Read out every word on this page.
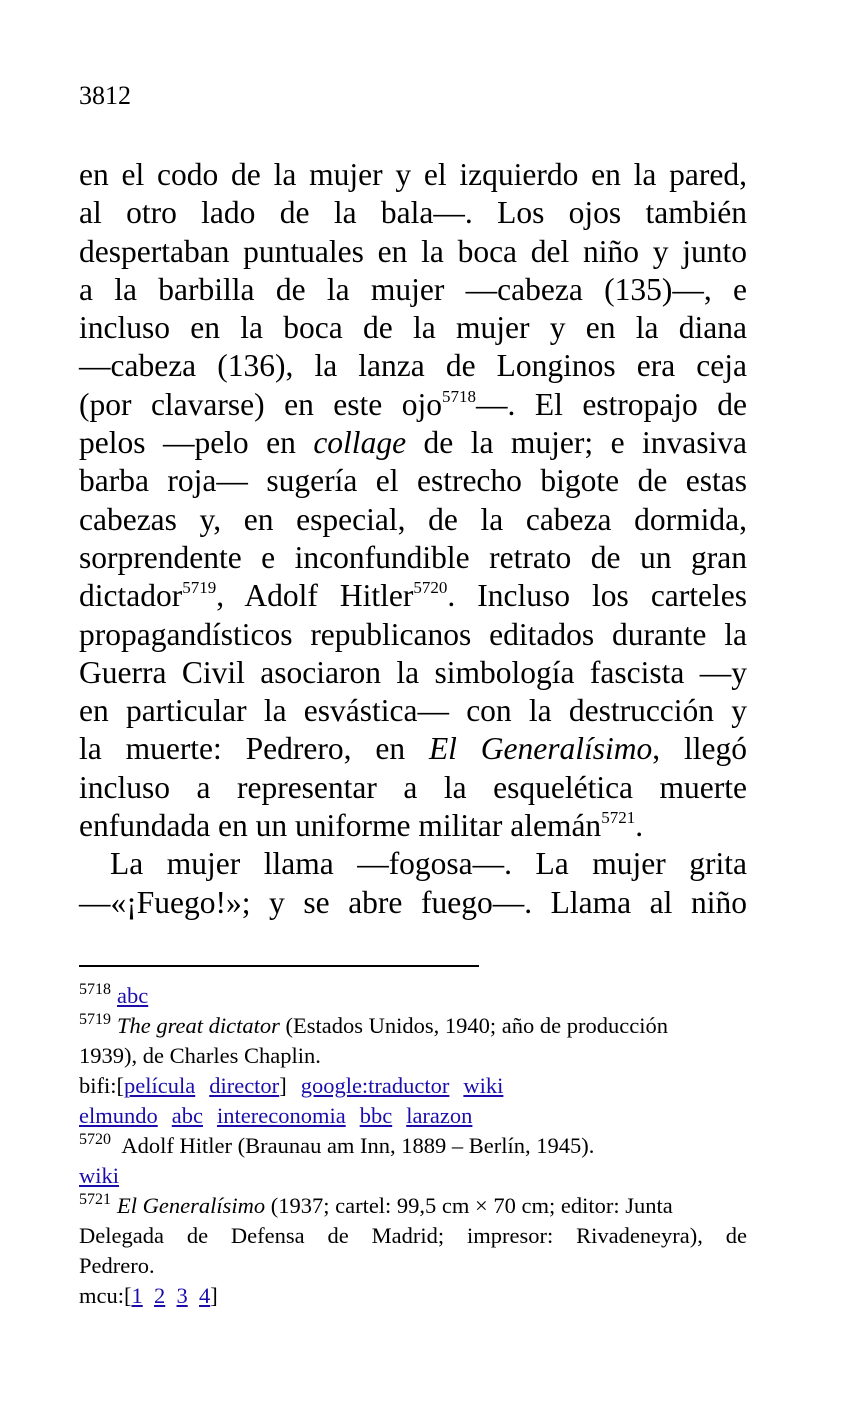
3812
en el codo de la mujer y el izquierdo en la pared,
al otro lado de la bala—. Los ojos también
despertaban puntuales en la boca del niño y junto
a la barbilla de la mujer —cabeza (135)—, e
incluso en la boca de la mujer y en la diana
—cabeza (136), la lanza de Longinos era ceja
(por clavarse) en este ojo$^{5718}$—. El estropajo de
pelos —pelo en collage de la mujer; e invasiva
barba roja— sugería el estrecho bigote de estas
cabezas y, en especial, de la cabeza dormida,
sorprendente e inconfundible retrato de un gran
dictador$^{5719}$, Adolf Hitler$^{5720}$. Incluso los carteles
propagandísticos republicanos editados durante la
Guerra Civil asociaron la simbología fascista —y
en particular la esvástica— con la destrucción y
la muerte: Pedrero, en El Generalísimo, llegó
incluso a representar a la esquelética muerte
enfundada en un uniforme militar alemán$^{5721}$.
La mujer llama —fogosa—. La mujer grita
—«¡Fuego!»; y se abre fuego—. Llama al niño
$^{5718}$ abc
$^{5719}$ The great dictator (Estados Unidos, 1940; año de producción
1939), de Charles Chaplin.
bifi:[película director] google:traductor wiki
elmundo abc intereconomia bbc larazon
$^{5720}$ Adolf Hitler (Braunau am Inn, 1889 – Berlín, 1945).
wiki
$^{5721}$ El Generalísimo (1937; cartel: 99,5 cm × 70 cm; editor: Junta
Delegada de Defensa de Madrid; impresor: Rivadeneyra), de
Pedrero.
mcu:[1 2 3 4]
